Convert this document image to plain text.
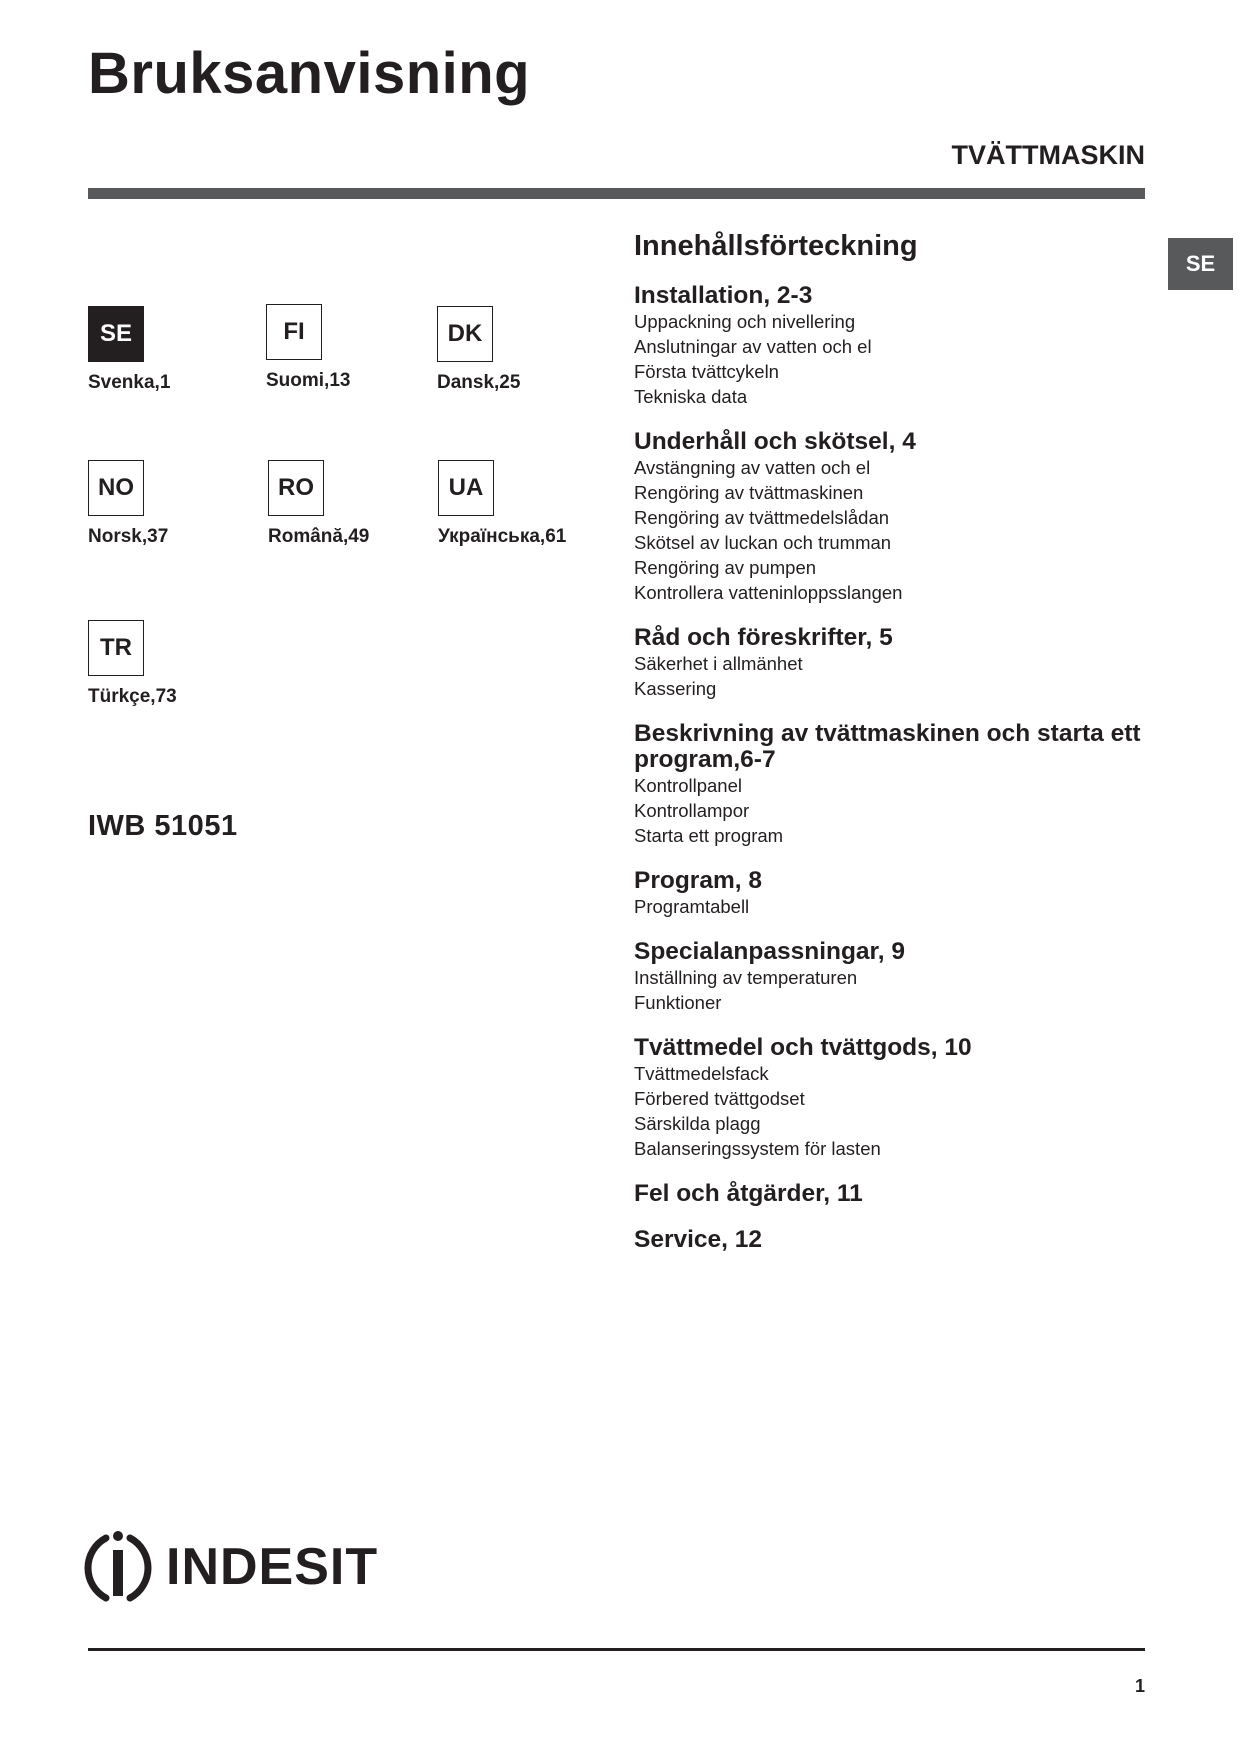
Bruksanvisning
TVÄTTMASKIN
SE
SE
Svenka,1
FI
Suomi,13
DK
Dansk,25
NO
Norsk,37
RO
Română,49
UA
Українська,61
TR
Türkçe,73
IWB 51051
Innehållsförteckning
Installation, 2-3
Uppackning och nivellering
Anslutningar av vatten och el
Första tvättcykeln
Tekniska data
Underhåll och skötsel, 4
Avstängning av vatten och el
Rengöring av tvättmaskinen
Rengöring av tvättmedelslådan
Skötsel av luckan och trumman
Rengöring av pumpen
Kontrollera vatteninloppsslangen
Råd och föreskrifter, 5
Säkerhet i allmänhet
Kassering
Beskrivning av tvättmaskinen och starta ett program,6-7
Kontrollpanel
Kontrollampor
Starta ett program
Program, 8
Programtabell
Specialanpassningar, 9
Inställning av temperaturen
Funktioner
Tvättmedel och tvättgods, 10
Tvättmedelsfack
Förbered tvättgodset
Särskilda plagg
Balanseringssystem för lasten
Fel och åtgärder, 11
Service, 12
INDESIT
1
